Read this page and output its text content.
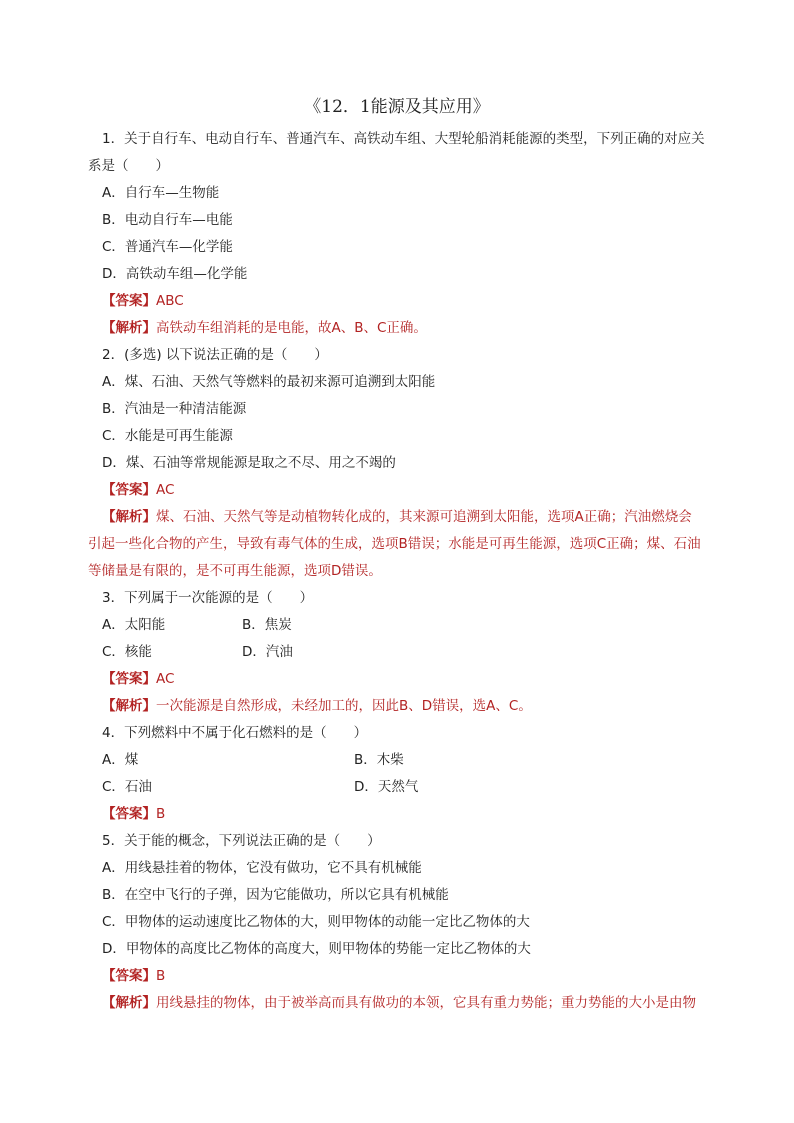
《12．1能源及其应用》
1．关于自行车、电动自行车、普通汽车、高铁动车组、大型轮船消耗能源的类型，下列正确的对应关
系是（　　）
A．自行车—生物能
B．电动自行车—电能
C．普通汽车—化学能
D．高铁动车组—化学能
【答案】ABC
【解析】高铁动车组消耗的是电能，故A、B、C正确。
2．(多选) 以下说法正确的是（　　）
A．煤、石油、天然气等燃料的最初来源可追溯到太阳能
B．汽油是一种清洁能源
C．水能是可再生能源
D．煤、石油等常规能源是取之不尽、用之不竭的
【答案】AC
【解析】煤、石油、天然气等是动植物转化成的，其来源可追溯到太阳能，选项A正确；汽油燃烧会
引起一些化合物的产生，导致有毒气体的生成，选项B错误；水能是可再生能源，选项C正确；煤、石油
等储量是有限的，是不可再生能源，选项D错误。
3．下列属于一次能源的是（　　）
A．太阳能	B．焦炭
C．核能	D．汽油
【答案】AC
【解析】一次能源是自然形成，未经加工的，因此B、D错误，选A、C。
4．下列燃料中不属于化石燃料的是（　　）
A．煤	B．木柴
C．石油	D．天然气
【答案】B
5．关于能的概念，下列说法正确的是（　　）
A．用线悬挂着的物体，它没有做功，它不具有机械能
B．在空中飞行的子弹，因为它能做功，所以它具有机械能
C．甲物体的运动速度比乙物体的大，则甲物体的动能一定比乙物体的大
D．甲物体的高度比乙物体的高度大，则甲物体的势能一定比乙物体的大
【答案】B
【解析】用线悬挂的物体，由于被举高而具有做功的本领，它具有重力势能；重力势能的大小是由物
